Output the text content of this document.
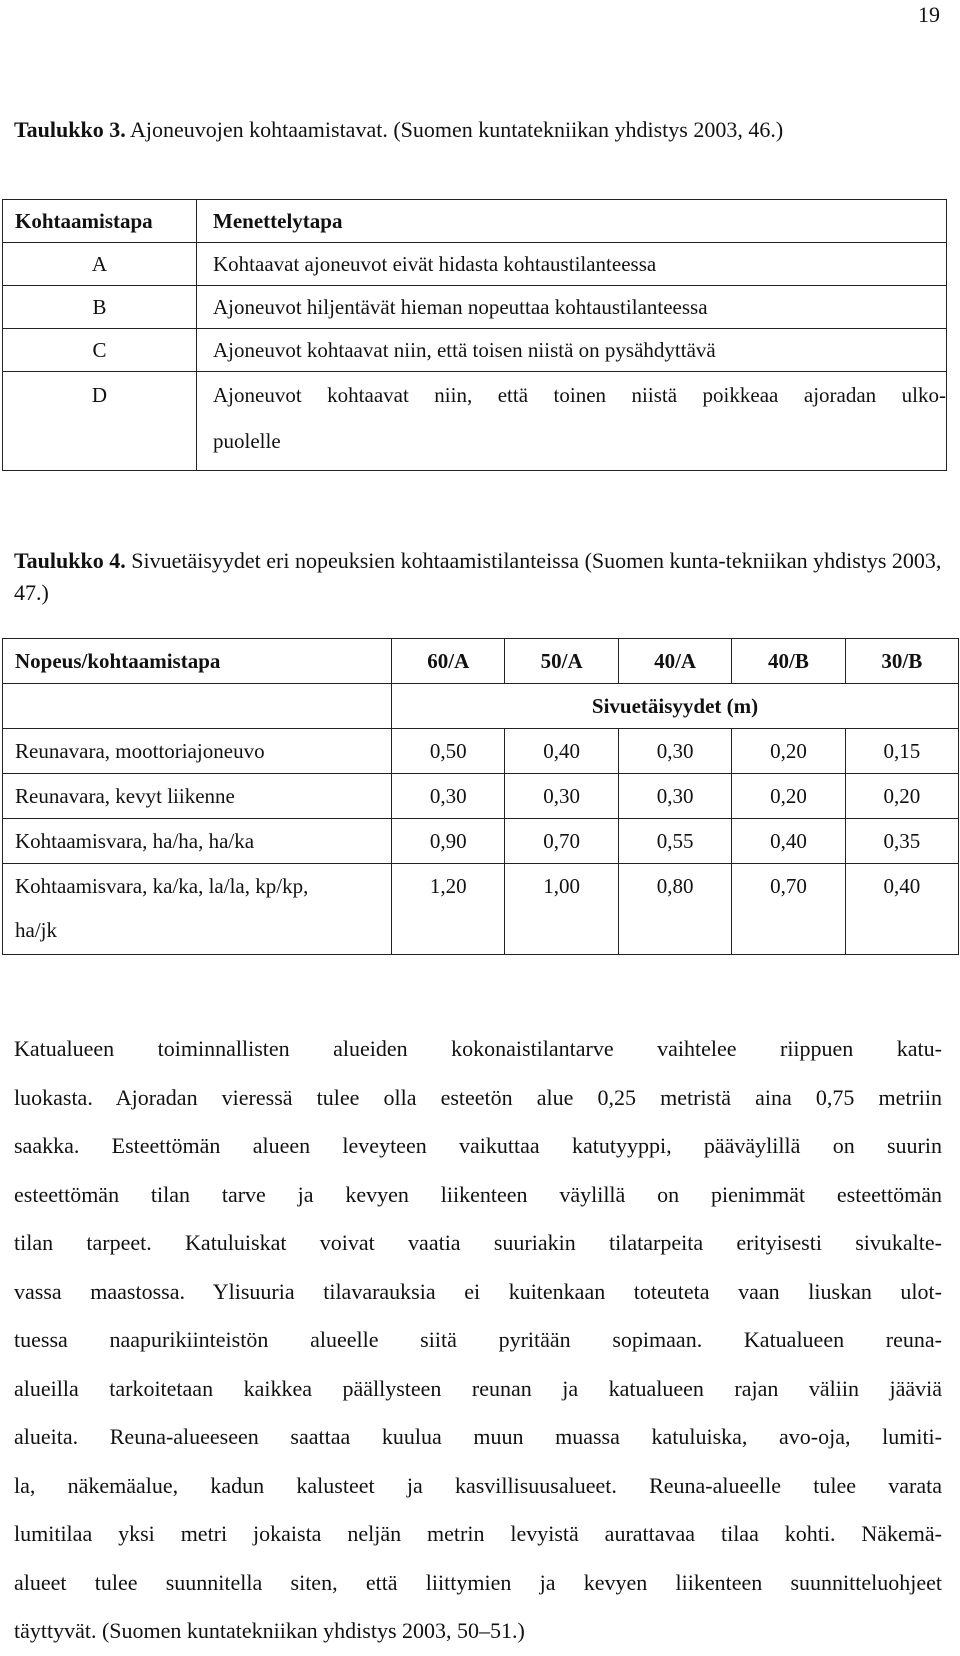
19
Taulukko 3. Ajoneuvojen kohtaamistavat. (Suomen kuntatekniikan yhdistys 2003, 46.)
Kohtaamistapa	Menettelytapa
A	Kohtaavat ajoneuvot eivät hidasta kohtaustilanteessa
B	Ajoneuvot hiljentävät hieman nopeuttaa kohtaustilanteessa
C	Ajoneuvot kohtaavat niin, että toisen niistä on pysähdyttävä
D	Ajoneuvot kohtaavat niin, että toinen niistä poikkeaa ajoradan ulko-
puolelle
Taulukko 4. Sivuetäisyydet eri nopeuksien kohtaamistilanteissa (Suomen kunta-tekniikan yhdistys 2003, 47.)
Nopeus/kohtaamistapa	60/A	50/A	40/A	40/B	30/B
	Sivuetäisyydet (m)				
Reunavara, moottoriajoneuvo	0,50	0,40	0,30	0,20	0,15
Reunavara, kevyt liikenne	0,30	0,30	0,30	0,20	0,20
Kohtaamisvara, ha/ha, ha/ka	0,90	0,70	0,55	0,40	0,35

Kohtaamisvara, ka/ka, la/la, kp/kp,
ha/jk	1,20	1,00	0,80	0,70	0,40
Katualueen toiminnallisten alueiden kokonaistilantarve vaihtelee riippuen katu-
luokasta. Ajoradan vieressä tulee olla esteetön alue 0,25 metristä aina 0,75 metriin
saakka. Esteettömän alueen leveyteen vaikuttaa katutyyppi, pääväylillä on suurin
esteettömän tilan tarve ja kevyen liikenteen väylillä on pienimmät esteettömän
tilan tarpeet. Katuluiskat voivat vaatia suuriakin tilatarpeita erityisesti sivukalte-
vassa maastossa. Ylisuuria tilavarauksia ei kuitenkaan toteuteta vaan liuskan ulot-
tuessa naapurikiinteistön alueelle siitä pyritään sopimaan. Katualueen reuna-
alueilla tarkoitetaan kaikkea päällysteen reunan ja katualueen rajan väliin jääviä
alueita. Reuna-alueeseen saattaa kuulua muun muassa katuluiska, avo-oja, lumiti-
la, näkemäalue, kadun kalusteet ja kasvillisuusalueet. Reuna-alueelle tulee varata
lumitilaa yksi metri jokaista neljän metrin levyistä aurattavaa tilaa kohti. Näkemä-
alueet tulee suunnitella siten, että liittymien ja kevyen liikenteen suunnitteluohjeet
täyttyvät. (Suomen kuntatekniikan yhdistys 2003, 50–51.)
